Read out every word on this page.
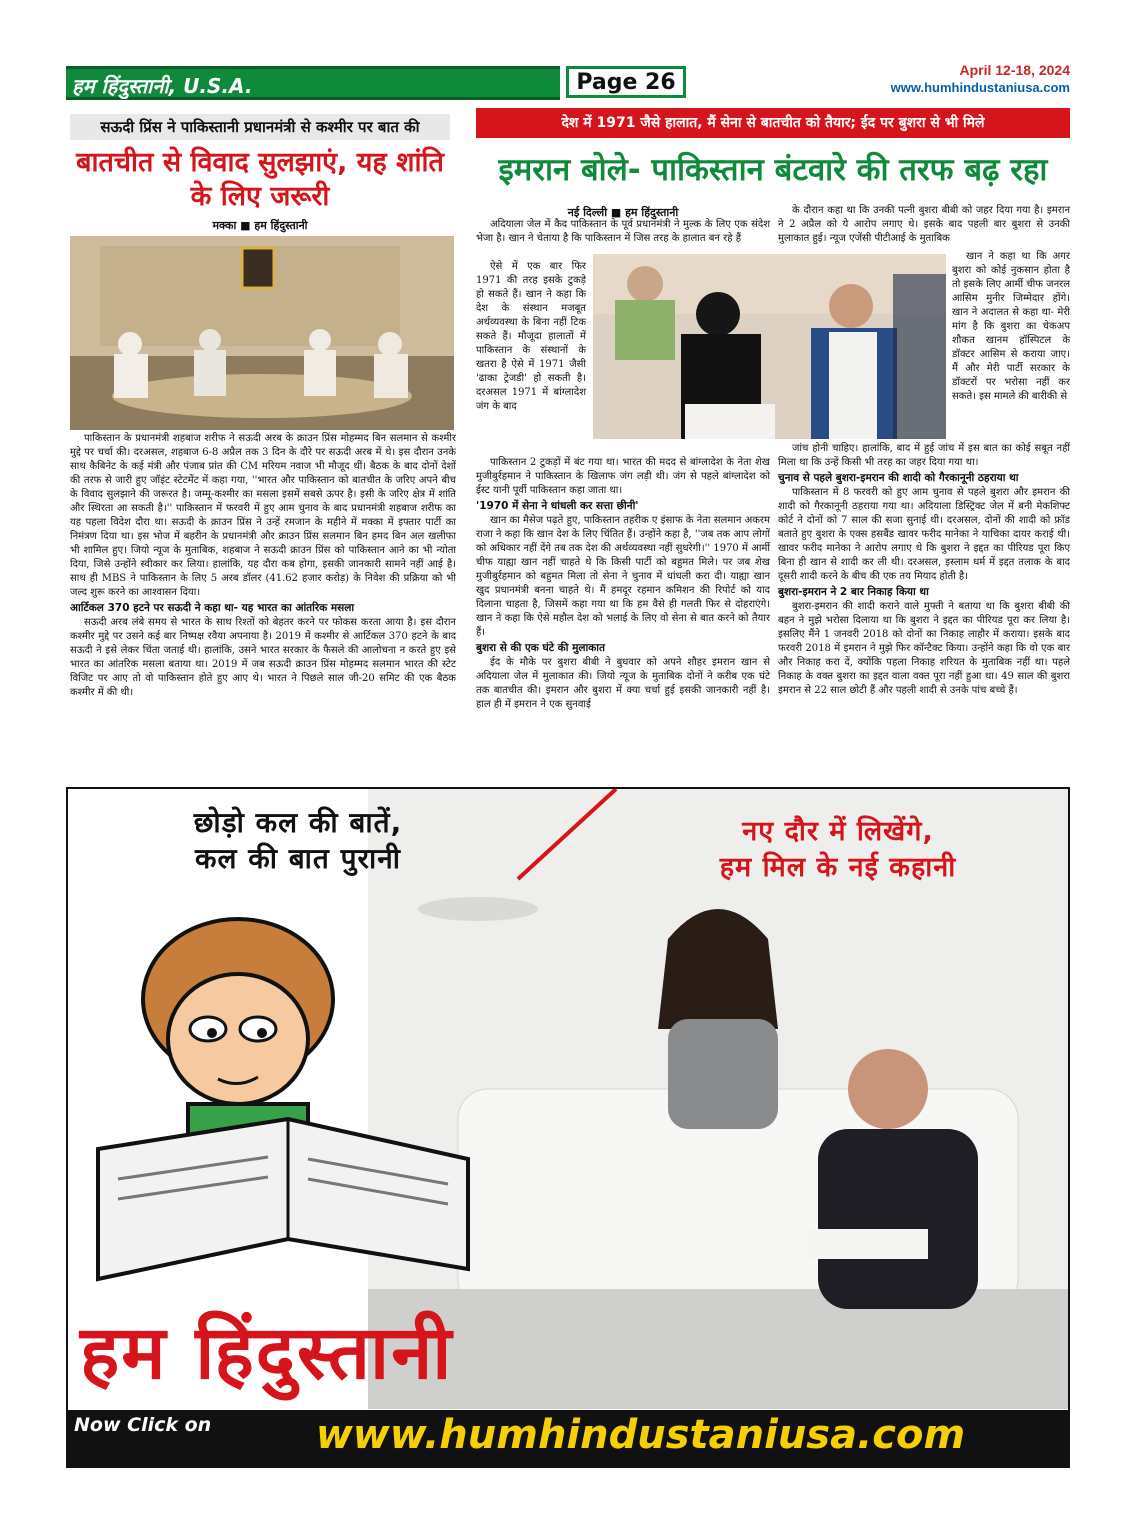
हम हिंदुस्तानी, U.S.A.	Page 26	April 12-18, 2024
www.humhindustaniusa.com
सऊदी प्रिंस ने पाकिस्तानी प्रधानमंत्री से कश्मीर पर बात की
बातचीत से विवाद सुलझाएं, यह शांति के लिए जरूरी
मक्का ■ हम हिंदुस्तानी

पाकिस्तान के प्रधानमंत्री शहबाज शरीफ ने सऊदी अरब के क्राउन प्रिंस मोहम्मद बिन सलमान से कश्मीर मुद्दे पर चर्चा की। दरअसल, शहबाज 6-8 अप्रैल तक 3 दिन के दौरे पर सऊदी अरब में थे। इस दौरान उनके साथ कैबिनेट के कई मंत्री और पंजाब प्रांत की CM मरियम नवाज भी मौजूद थीं। बैठक के बाद दोनों देशों की तरफ से जारी हुए जॉइंट स्टेटमेंट में कहा गया, ''भारत और पाकिस्तान को बातचीत के जरिए अपने बीच के विवाद सुलझाने की जरूरत है। जम्मू-कश्मीर का मसला इसमें सबसे ऊपर है। इसी के जरिए क्षेत्र में शांति और स्थिरता आ सकती है।'' पाकिस्तान में फरवरी में हुए आम चुनाव के बाद प्रधानमंत्री शहबाज शरीफ का यह पहला विदेश दौरा था। सऊदी के क्राउन प्रिंस ने उन्हें रमजान के महीने में मक्का में इफ्तार पार्टी का निमंत्रण दिया था। इस भोज में बहरीन के प्रधानमंत्री और क्राउन प्रिंस सलमान बिन हमद बिन अल खलीफा भी शामिल हुए। जियो न्यूज के मुताबिक, शहबाज ने सऊदी क्राउन प्रिंस को पाकिस्तान आने का भी न्योता दिया, जिसे उन्होंने स्वीकार कर लिया। हालांकि, यह दौरा कब होगा, इसकी जानकारी सामने नहीं आई है। साथ ही MBS ने पाकिस्तान के लिए 5 अरब डॉलर (41.62 हजार करोड़) के निवेश की प्रक्रिया को भी जल्द शुरू करने का आश्वासन दिया।

आर्टिकल 370 हटने पर सऊदी ने कहा था- यह भारत का आंतरिक मसला

सऊदी अरब लंबे समय से भारत के साथ रिश्तों को बेहतर करने पर फोकस करता आया है। इस दौरान कश्मीर मुद्दे पर उसने कई बार निष्पक्ष रवैया अपनाया है। 2019 में कश्मीर से आर्टिकल 370 हटने के बाद सऊदी ने इसे लेकर चिंता जताई थी। हालांकि, उसने भारत सरकार के फैसले की आलोचना न करते हुए इसे भारत का आंतरिक मसला बताया था। 2019 में जब सऊदी क्राउन प्रिंस मोहम्मद सलमान भारत की स्टेट विजिट पर आए तो वो पाकिस्तान होते हुए आए थे। भारत ने पिछले साल जी-20 समिट की एक बैठक कश्मीर में की थी।

देश में 1971 जैसे हालात, मैं सेना से बातचीत को तैयार; ईद पर बुशरा से भी मिले
इमरान बोले- पाकिस्तान बंटवारे की तरफ बढ़ रहा
नई दिल्ली ■ हम हिंदुस्तानी

अदियाला जेल में कैद पाकिस्तान के पूर्व प्रधानमंत्री ने मुल्क के लिए एक संदेश भेजा है। खान ने चेताया है कि पाकिस्तान में जिस तरह के हालात बन रहे हैं

ऐसे में एक बार फिर 1971 की तरह इसके टुकड़े हो सकते हैं। खान ने कहा कि देश के संस्थान मजबूत अर्थव्यवस्था के बिना नहीं टिक सकते हैं। मौजूदा हालातों में पाकिस्तान के संस्थानों के खतरा है ऐसे में 1971 जैसी 'ढाका ट्रेजडी' हो सकती है। दरअसल 1971 में बांग्लादेश जंग के बाद

पाकिस्तान 2 टुकड़ों में बंट गया था। भारत की मदद से बांग्लादेश के नेता शेख मुजीबुर्रहमान ने पाकिस्तान के खिलाफ जंग लड़ी थी। जंग से पहले बांग्लादेश को ईस्ट यानी पूर्वी पाकिस्तान कहा जाता था।

'1970 में सेना ने धांधली कर सत्ता छीनी'

खान का मैसेज पढ़ते हुए, पाकिस्तान तहरीक ए इंसाफ के नेता सलमान अकरम राजा ने कहा कि खान देश के लिए चिंतित हैं। उन्होंने कहा है, ''जब तक आप लोगों को अधिकार नहीं देंगे तब तक देश की अर्थव्यवस्था नहीं सुधरेगी।'' 1970 में आर्मी चीफ याह्या खान नहीं चाहते थे कि किसी पार्टी को बहुमत मिले। पर जब शेख मुजीबुर्रहमान को बहुमत मिला तो सेना ने चुनाव में धांधली करा दी। याह्या खान खुद प्रधानमंत्री बनना चाहते थे। मैं हमदूर रहमान कमिशन की रिपोर्ट को याद दिलाना चाहता है, जिसमें कहा गया था कि हम वैसे ही गलती फिर से दोहराएंगे। खान ने कहा कि ऐसे महौल देश को भलाई के लिए वो सेना से बात करने को तैयार हैं।

बुशरा से की एक घंटे की मुलाकात

ईद के मौके पर बुशरा बीबी ने बुधवार को अपने शौहर इमरान खान से अदियाला जेल में मुलाकात की। जियो न्यूज के मुताबिक दोनों ने करीब एक घंटे तक बातचीत की। इमरान और बुशरा में क्या चर्चा हुई इसकी जानकारी नहीं है। हाल ही में इमरान ने एक सुनवाई

के दौरान कहा था कि उनकी पत्नी बुशरा बीबी को जहर दिया गया है। इमरान ने 2 अप्रैल को ये आरोप लगाए थे। इसके बाद पहली बार बुशरा से उनकी मुलाकात हुई। न्यूज एजेंसी पीटीआई के मुताबिक

खान ने कहा था कि अगर बुशरा को कोई नुकसान होता है तो इसके लिए आर्मी चीफ जनरल आसिम मुनीर जिम्मेदार होंगे। खान ने अदालत से कहा था- मेरी मांग है कि बुशरा का चेकअप शौकत खानम हॉस्पिटल के डॉक्टर आसिम से कराया जाए। मैं और मेरी पार्टी सरकार के डॉक्टरों पर भरोसा नहीं कर सकते। इस मामले की बारीकी से

जांच होनी चाहिए। हालांकि, बाद में हुई जांच में इस बात का कोई सबूत नहीं मिला था कि उन्हें किसी भी तरह का जहर दिया गया था।

चुनाव से पहले बुशरा-इमरान की शादी को गैरकानूनी ठहराया था

पाकिस्तान में 8 फरवरी को हुए आम चुनाव से पहले बुशरा और इमरान की शादी को गैरकानूनी ठहराया गया था। अदियाला डिस्ट्रिक्ट जेल में बनी मेकशिफ्ट कोर्ट ने दोनों को 7 साल की सजा सुनाई थी। दरअसल, दोनों की शादी को फ्रॉड बताते हुए बुशरा के एक्स हसबैंड खावर फरीद मानेका ने याचिका दायर कराई थी। खावर फरीद मानेका ने आरोप लगाए थे कि बुशरा ने इद्दत का पीरियड पूरा किए बिना ही खान से शादी कर ली थी। दरअसल, इस्लाम धर्म में इद्दत तलाक के बाद दूसरी शादी करने के बीच की एक तय मियाद होती है।

बुशरा-इमरान ने 2 बार निकाह किया था

बुशरा-इमरान की शादी कराने वाले मुफ्ती ने बताया था कि बुशरा बीबी की बहन ने मुझे भरोसा दिलाया था कि बुशरा ने इद्दत का पीरियड पूरा कर लिया है। इसलिए मैंने 1 जनवरी 2018 को दोनों का निकाह लाहौर में कराया। इसके बाद फरवरी 2018 में इमरान ने मुझे फिर कॉन्टैक्ट किया। उन्होंने कहा कि वो एक बार और निकाह करा दें, क्योंकि पहला निकाह शरियत के मुताबिक नहीं था। पहले निकाह के वक्त बुशरा का इद्दत वाला वक्त पूरा नहीं हुआ था। 49 साल की बुशरा इमरान से 22 साल छोटी हैं और पहली शादी से उनके पांच बच्चे हैं।

छोड़ो कल की बातें,
कल की बात पुरानी
नए दौर में लिखेंगे,
हम मिल के नई कहानी
हम हिंदुस्तानी
Now Click on	www.humhindustaniusa.com
